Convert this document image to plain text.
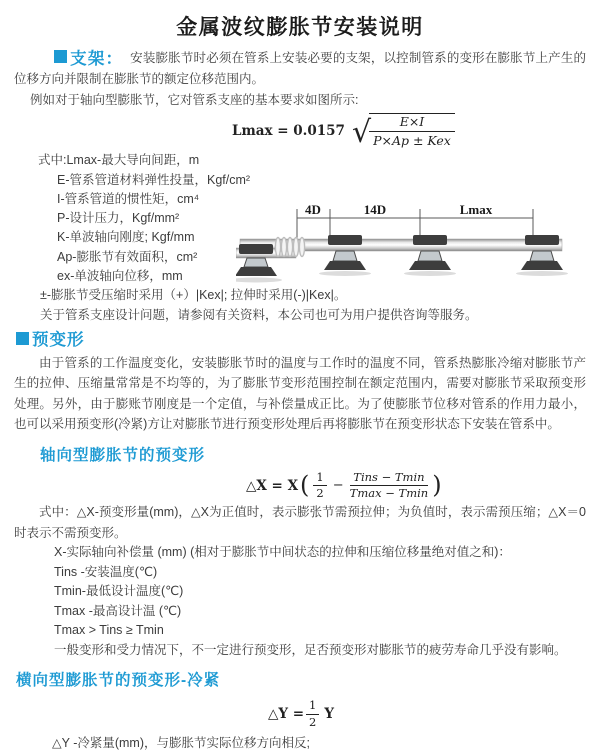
金属波纹膨胀节安装说明

支架： 安装膨胀节时必须在管系上安装必要的支架，以控制管系的变形在膨胀节上产生的位移方向并限制在膨胀节的额定位移范围内。

例如对于轴向型膨胀节，它对管系支座的基本要求如图所示:

Lmax = 0.0157 √
$\frac{E\times I}{\text{P×Ap ± Kex}}$
式中:Lmax-最大导向间距，m
E-管系管道材料弹性投量，Kgf/cm²
I-管系管道的惯性矩，cm⁴
P-设计压力，Kgf/mm²
K-单波轴向刚度; Kgf/mm
Ap-膨胀节有效面积，cm²
ex-单波轴向位移，mm
±-膨胀节受压缩时采用（+）|Kex|; 拉伸时采用(-)|Kex|。
关于管系支座设计问题，请参阅有关资料，本公司也可为用户提供咨询等服务。
4D	14D	Lmax
预变形

由于管系的工作温度变化，安装膨胀节时的温度与工作时的温度不同，管系热膨胀冷缩对膨胀节产生的拉伸、压缩量常常是不均等的，为了膨胀节变形范围控制在额定范围内，需要对膨胀节采取预变形处理。另外，由于膨账节刚度是一个定值，与补偿量成正比。为了使膨胀节位移对管系的作用力最小，也可以采用预变形(冷紧)方让对膨胀节进行预变形处理后再将膨胀节在预变形状态下安装在管系中。

轴向型膨胀节的预变形
△X = X ( $\frac{1}{2}$ −
Tins − Tmin
Tmax − Tmin )

式中：△X-预变形量(mm)，△X为正值时，表示膨张节需预拉伸；为负值时，表示需预压缩；△X＝0时表示不需预变形。

X-实际轴向补偿量 (mm) (相对于膨胀节中间状态的拉伸和压缩位移量绝对值之和)：
Tins -安装温度(℃)
Tmin-最低设计温度(℃)
Tmax -最高设计温 (℃)
Tmax > Tins ≥ Tmin
一般变形和受力情况下，不一定进行预变形，足否预变形对膨胀节的疲劳寿命几乎没有影响。
横向型膨胀节的预变形-冷紧
△Y = $\frac{1}{2}$ Y
△Y -冷紧量(mm)，与膨胀节实际位移方向相反;
